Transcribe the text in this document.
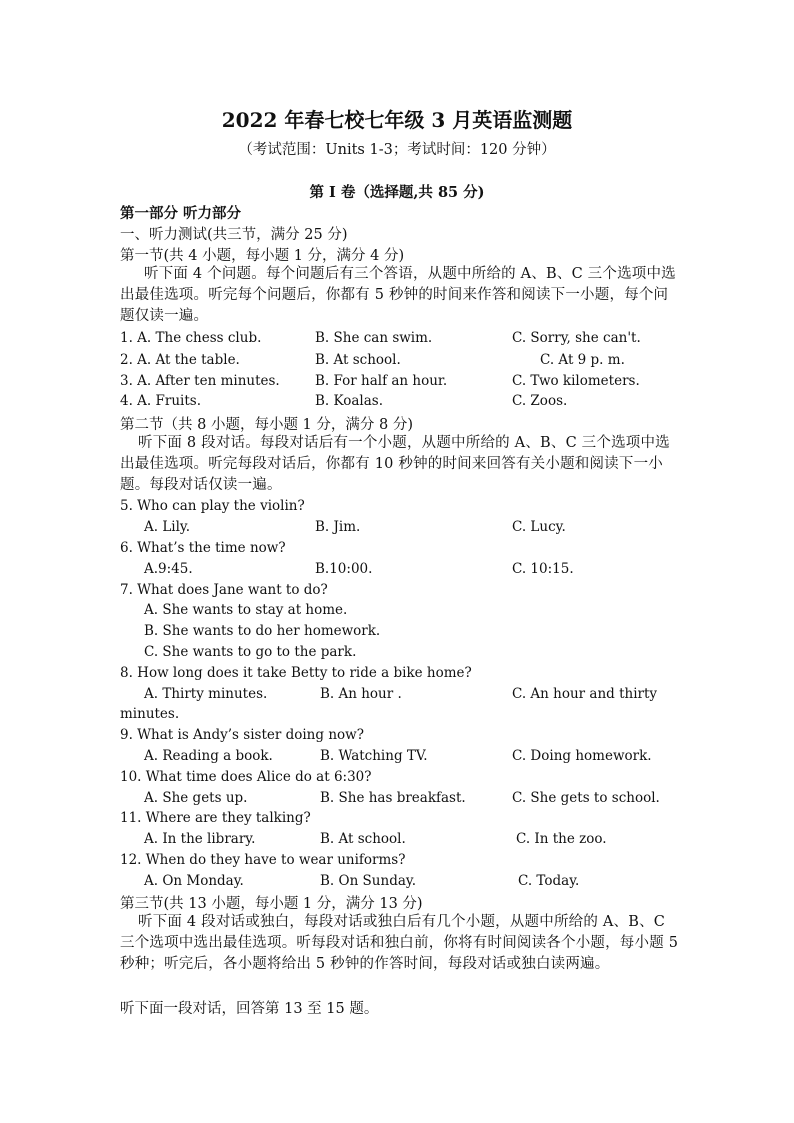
2022 年春七校七年级 3 月英语监测题
（考试范围：Units 1-3；考试时间：120 分钟）
第 I 卷（选择题,共 85 分)
第一部分 听力部分
一、听力测试(共三节，满分 25 分)
第一节(共 4 小题，每小题 1 分，满分 4 分)
听下面 4 个问题。每个问题后有三个答语，从题中所给的 A、B、C 三个选项中选出最佳选项。听完每个问题后，你都有 5 秒钟的时间来作答和阅读下一小题，每个问题仅读一遍。
1. A. The chess club.	B. She can swim.	C. Sorry, she can't.
2. A. At the table.	B. At school.	C. At 9 p. m.
3. A. After ten minutes.	B. For half an hour.	C. Two kilometers.
4. A. Fruits.	B. Koalas.	C. Zoos.
第二节（共 8 小题，每小题 1 分，满分 8 分)
听下面 8 段对话。每段对话后有一个小题，从题中所给的 A、B、C 三个选项中选出最佳选项。听完每段对话后，你都有 10 秒钟的时间来回答有关小题和阅读下一小题。每段对话仅读一遍。
5. Who can play the violin?
A. Lily.	B. Jim.	C. Lucy.
6. What’s the time now?
A.9:45.	B.10:00.	C. 10:15.
7. What does Jane want to do?
A. She wants to stay at home.
B. She wants to do her homework.
C. She wants to go to the park.
8. How long does it take Betty to ride a bike home?
A. Thirty minutes.	B. An hour .	C. An hour and thirty
minutes.
9. What is Andy’s sister doing now?
A. Reading a book.	B. Watching TV.	C. Doing homework.
10. What time does Alice do at 6:30?
A. She gets up.	B. She has breakfast.	C. She gets to school.
11. Where are they talking?
A. In the library.	B. At school.	C. In the zoo.
12. When do they have to wear uniforms?
A. On Monday.	B. On Sunday.	C. Today.
第三节(共 13 小题，每小题 1 分，满分 13 分)
听下面 4 段对话或独白，每段对话或独白后有几个小题，从题中所给的 A、B、C 三个选项中选出最佳选项。听每段对话和独白前，你将有时间阅读各个小题，每小题 5 秒种；听完后，各小题将给出 5 秒钟的作答时间，每段对话或独白读两遍。
听下面一段对话，回答第 13 至 15 题。
